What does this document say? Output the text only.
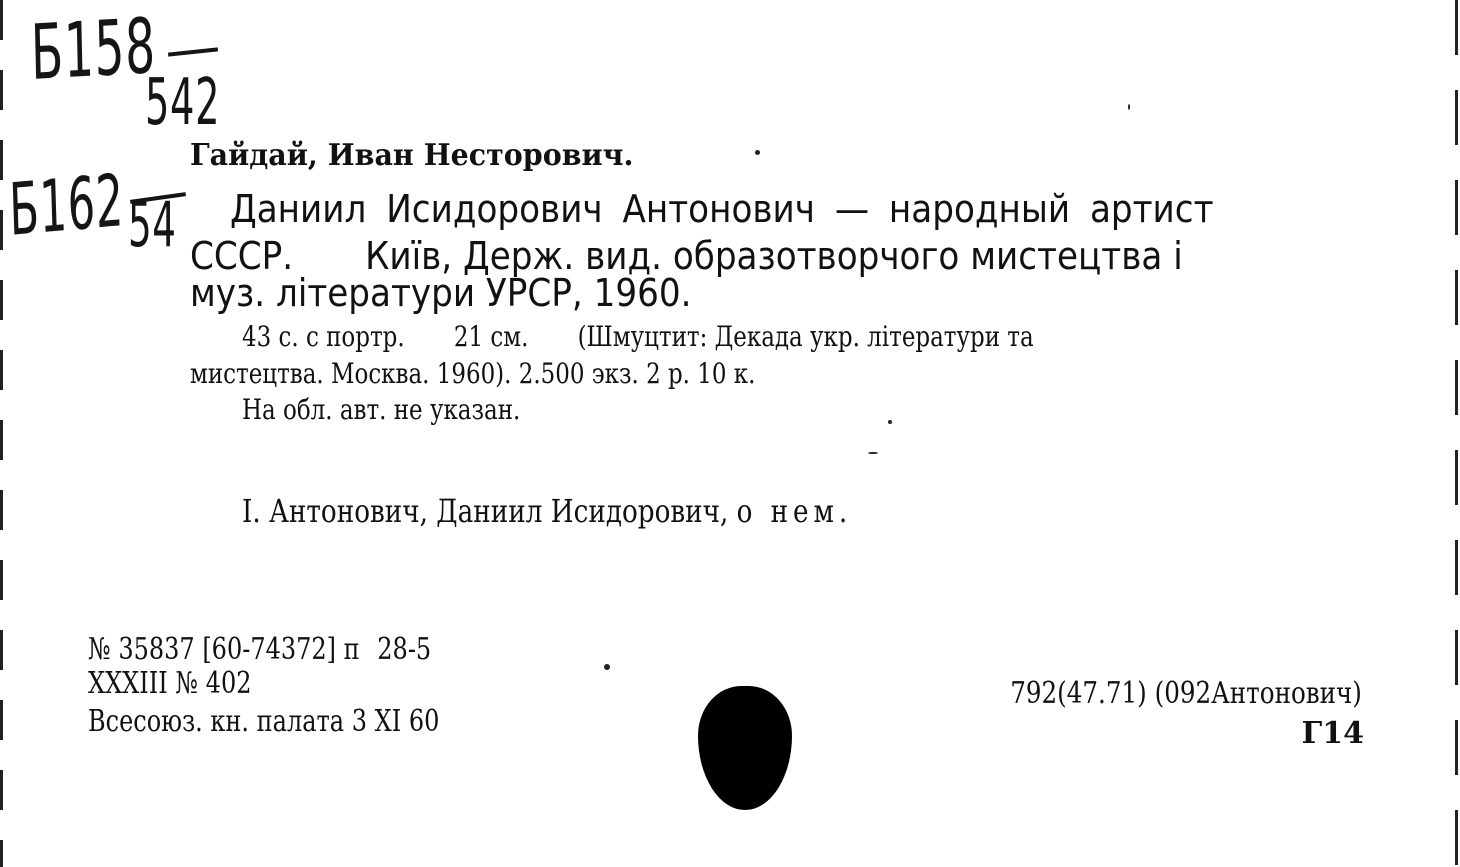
Б158
542
Б162 54
Гайдай, Иван Несторович.
Даниил Исидорович Антонович — народный артист
СССР. Київ, Держ. вид. образотворчого мистецтва і
муз. літератури УРСР, 1960.
43 с. с портр. 21 см. (Шмуцтит: Декада укр. літератури та
мистецтва. Москва. 1960). 2.500 экз. 2 р. 10 к.
На обл. авт. не указан.
I. Антонович, Даниил Исидорович, о нем.
№ 35837 [60-74372] п 28-5
XXXIII № 402
Всесоюз. кн. палата 3 XI 60
792(47.71) (092Антонович)
Г14
